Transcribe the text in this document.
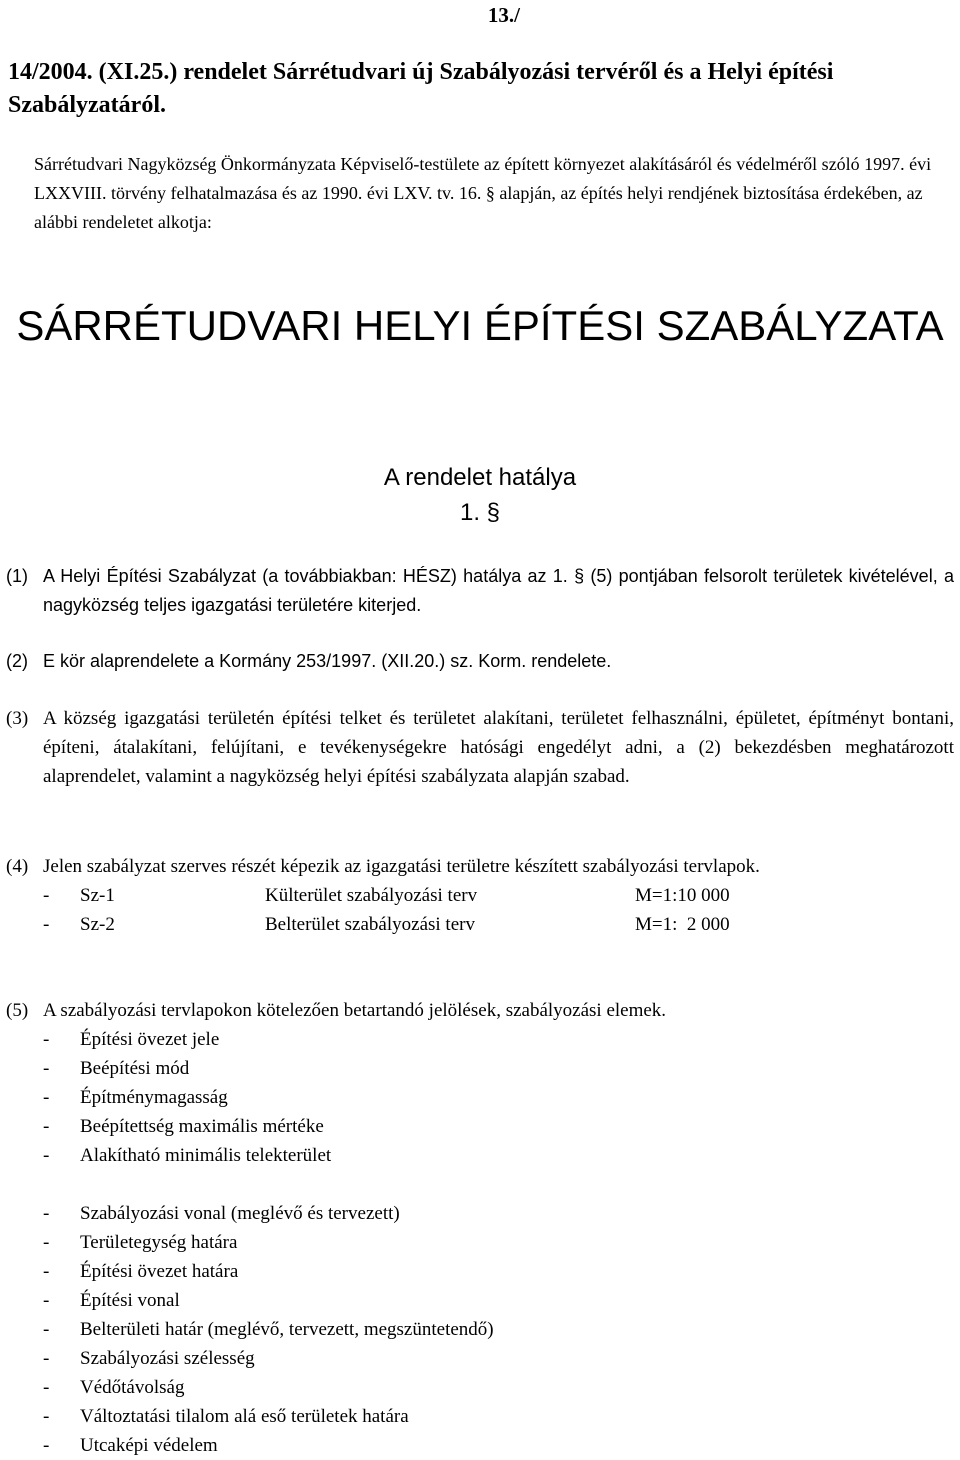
13./
14/2004. (XI.25.) rendelet Sárrétudvari új Szabályozási tervéről és a Helyi építési Szabályzatáról.

Sárrétudvari Nagyközség Önkormányzata Képviselő-testülete az épített környezet alakításáról és védelméről szóló 1997. évi LXXVIII. törvény felhatalmazása és az 1990. évi LXV. tv. 16. § alapján, az építés helyi rendjének biztosítása érdekében, az alábbi rendeletet alkotja:

SÁRRÉTUDVARI HELYI ÉPÍTÉSI SZABÁLYZATA
A rendelet hatálya
1. §
(1) A Helyi Építési Szabályzat (a továbbiakban: HÉSZ) hatálya az 1. § (5) pontjában felsorolt területek kivételével, a nagyközség teljes igazgatási területére kiterjed.
(2) E kör alaprendelete a Kormány 253/1997. (XII.20.) sz. Korm. rendelete.
(3) A község igazgatási területén építési telket és területet alakítani, területet felhasználni, épületet, építményt bontani, építeni, átalakítani, felújítani, e tevékenységekre hatósági engedélyt adni, a (2) bekezdésben meghatározott alaprendelet, valamint a nagyközség helyi építési szabályzata alapján szabad.
(4) Jelen szabályzat szerves részét képezik az igazgatási területre készített szabályozási tervlapok.
- Sz-1	Külterület szabályozási terv	M=1:10 000
- Sz-2	Belterület szabályozási terv	M=1:  2 000
(5) A szabályozási tervlapokon kötelezően betartandó jelölések, szabályozási elemek.
- Építési övezet jele
- Beépítési mód
- Építménymagasság
- Beépítettség maximális mértéke
- Alakítható minimális telekterület
- Szabályozási vonal (meglévő és tervezett)
- Területegység határa
- Építési övezet határa
- Építési vonal
- Belterületi határ (meglévő, tervezett, megszüntetendő)
- Szabályozási szélesség
- Védőtávolság
- Változtatási tilalom alá eső területek határa
- Utcaképi védelem
